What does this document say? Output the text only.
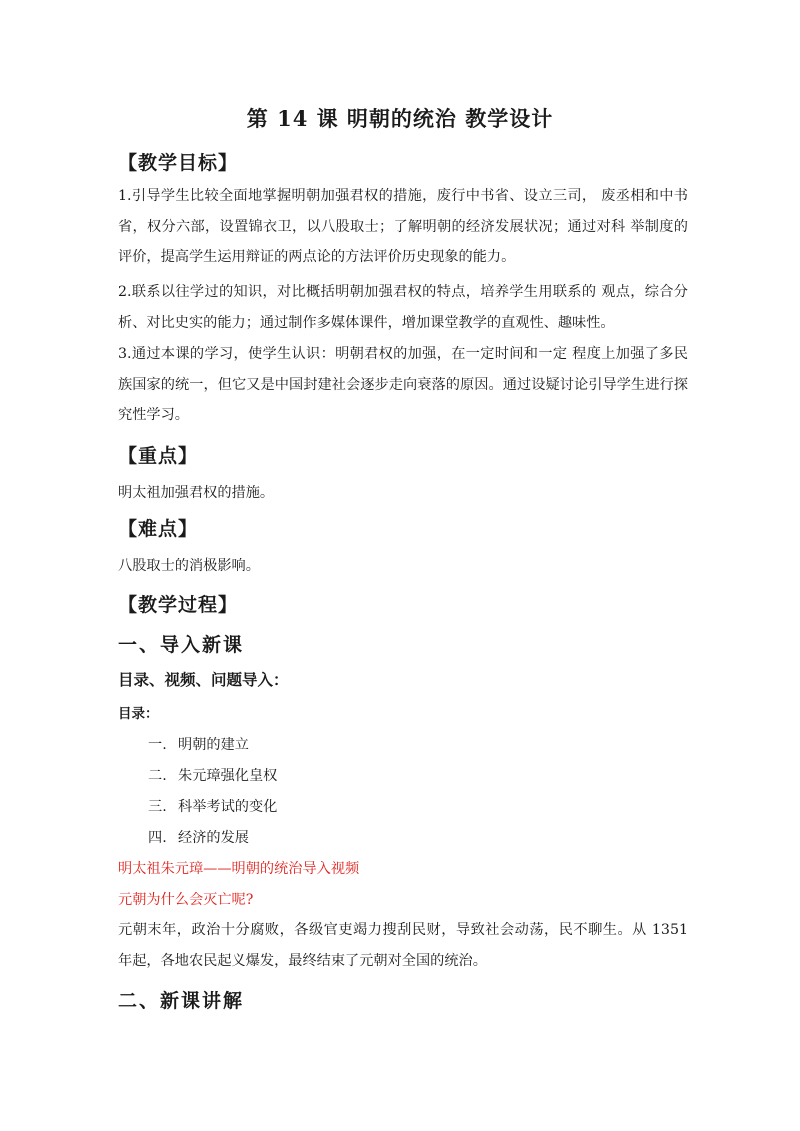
第 14 课 明朝的统治 教学设计
【教学目标】
1.引导学生比较全面地掌握明朝加强君权的措施，废行中书省、设立三司， 废丞相和中书省，权分六部，设置锦衣卫，以八股取士；了解明朝的经济发展状况；通过对科 举制度的评价，提高学生运用辩证的两点论的方法评价历史现象的能力。
2.联系以往学过的知识，对比概括明朝加强君权的特点，培养学生用联系的 观点，综合分析、对比史实的能力；通过制作多媒体课件，增加课堂教学的直观性、趣味性。
3.通过本课的学习，使学生认识：明朝君权的加强，在一定时间和一定 程度上加强了多民族国家的统一，但它又是中国封建社会逐步走向衰落的原因。通过设疑讨论引导学生进行探究性学习。
【重点】
明太祖加强君权的措施。
【难点】
八股取士的消极影响。
【教学过程】
一、导入新课
目录、视频、问题导入：
目录：
一. 明朝的建立
二. 朱元璋强化皇权
三. 科举考试的变化
四. 经济的发展
明太祖朱元璋——明朝的统治导入视频
元朝为什么会灭亡呢?
元朝末年，政治十分腐败，各级官吏竭力搜刮民财，导致社会动荡，民不聊生。从 1351 年起，各地农民起义爆发，最终结束了元朝对全国的统治。
二、新课讲解
